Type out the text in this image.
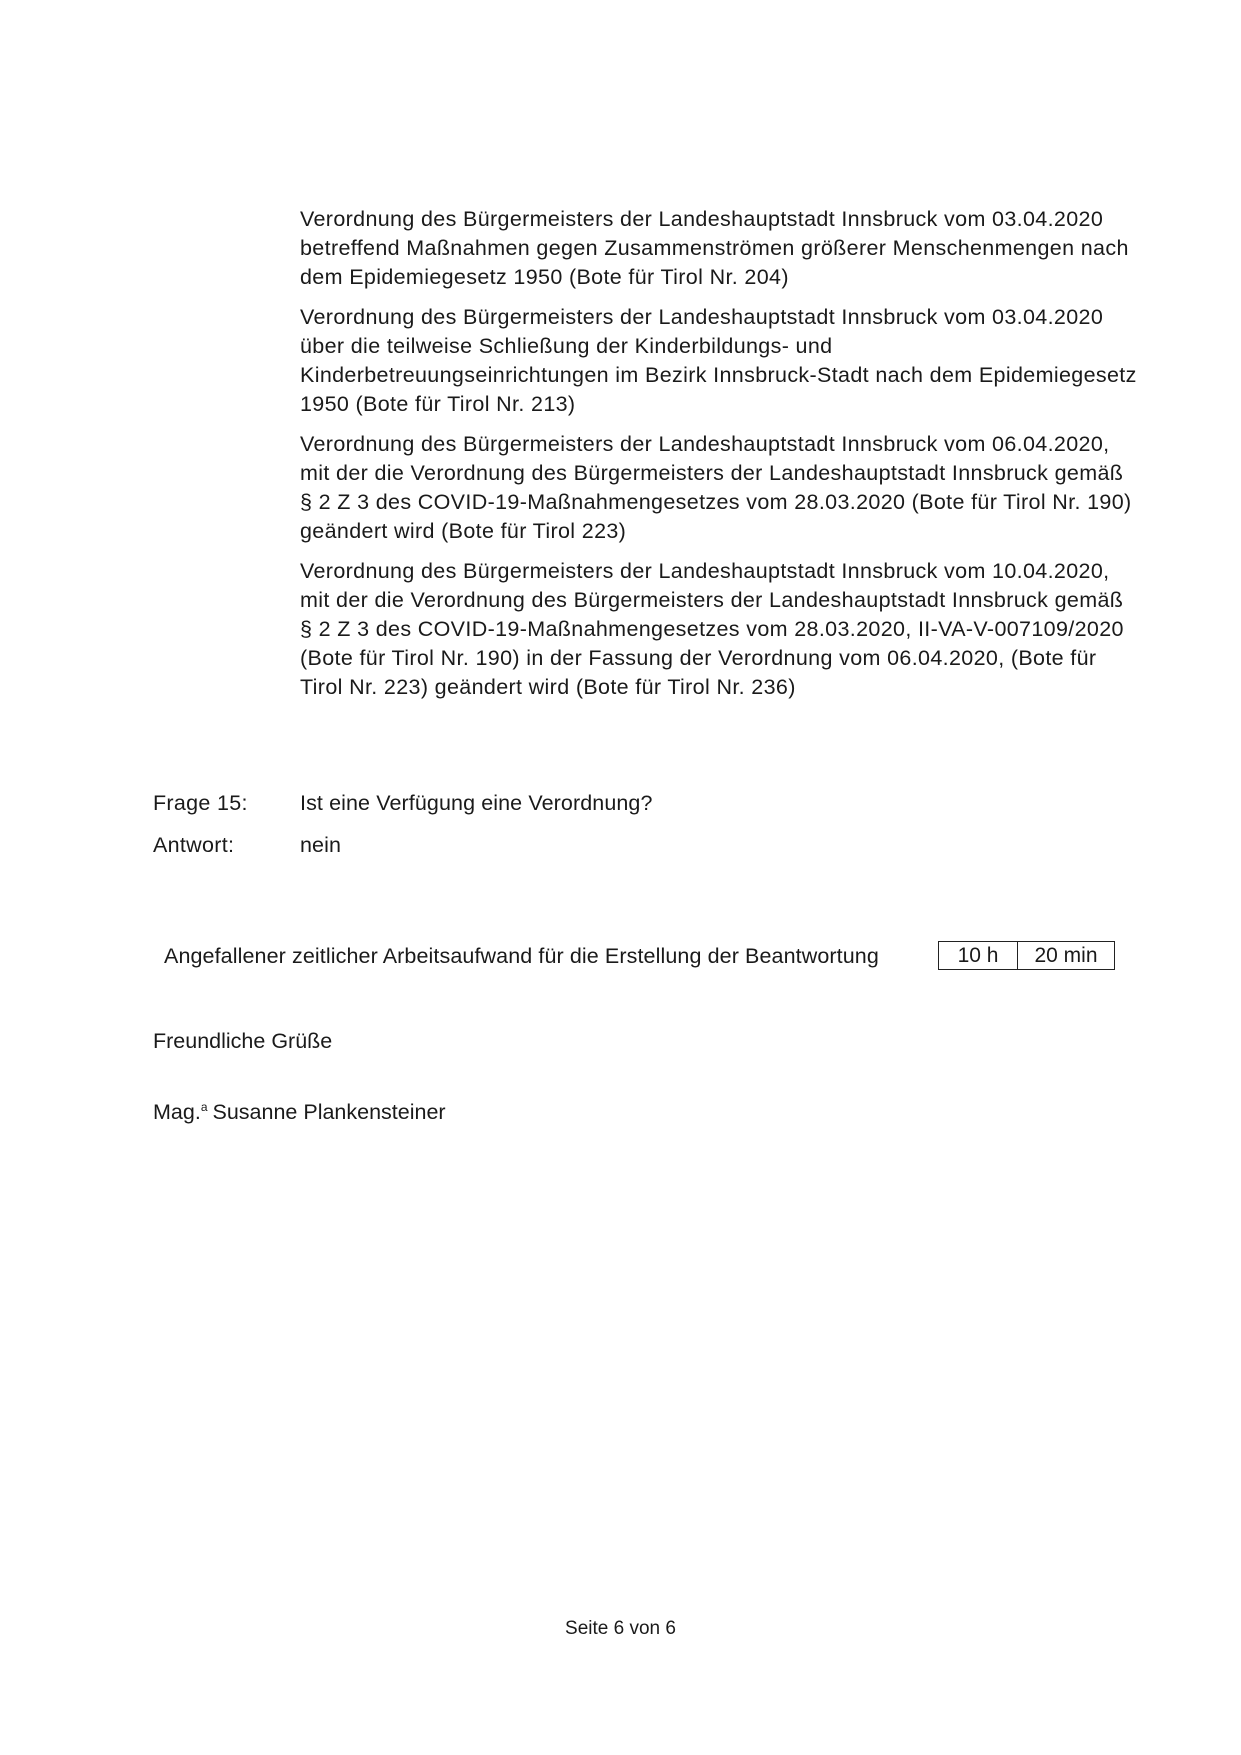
Verordnung des Bürgermeisters der Landeshauptstadt Innsbruck vom 03.04.2020 betreffend Maßnahmen gegen Zusammenströmen größerer Menschenmengen nach dem Epidemiegesetz 1950 (Bote für Tirol Nr. 204)
Verordnung des Bürgermeisters der Landeshauptstadt Innsbruck vom 03.04.2020 über die teilweise Schließung der Kinderbildungs- und Kinderbetreuungseinrichtungen im Bezirk Innsbruck-Stadt nach dem Epidemiegesetz 1950 (Bote für Tirol Nr. 213)
Verordnung des Bürgermeisters der Landeshauptstadt Innsbruck vom 06.04.2020, mit der die Verordnung des Bürgermeisters der Landeshauptstadt Innsbruck gemäß § 2 Z 3 des COVID-19-Maßnahmengesetzes vom 28.03.2020 (Bote für Tirol Nr. 190) geändert wird (Bote für Tirol 223)
Verordnung des Bürgermeisters der Landeshauptstadt Innsbruck vom 10.04.2020, mit der die Verordnung des Bürgermeisters der Landeshauptstadt Innsbruck gemäß § 2 Z 3 des COVID-19-Maßnahmengesetzes vom 28.03.2020, II-VA-V-007109/2020 (Bote für Tirol Nr. 190) in der Fassung der Verordnung vom 06.04.2020, (Bote für Tirol Nr. 223) geändert wird (Bote für Tirol Nr. 236)
Frage 15:	Ist eine Verfügung eine Verordnung?
Antwort:	nein
Angefallener zeitlicher Arbeitsaufwand für die Erstellung der Beantwortung	10 h	20 min
Freundliche Grüße
Mag.$^a$ Susanne Plankensteiner
Seite 6 von 6
